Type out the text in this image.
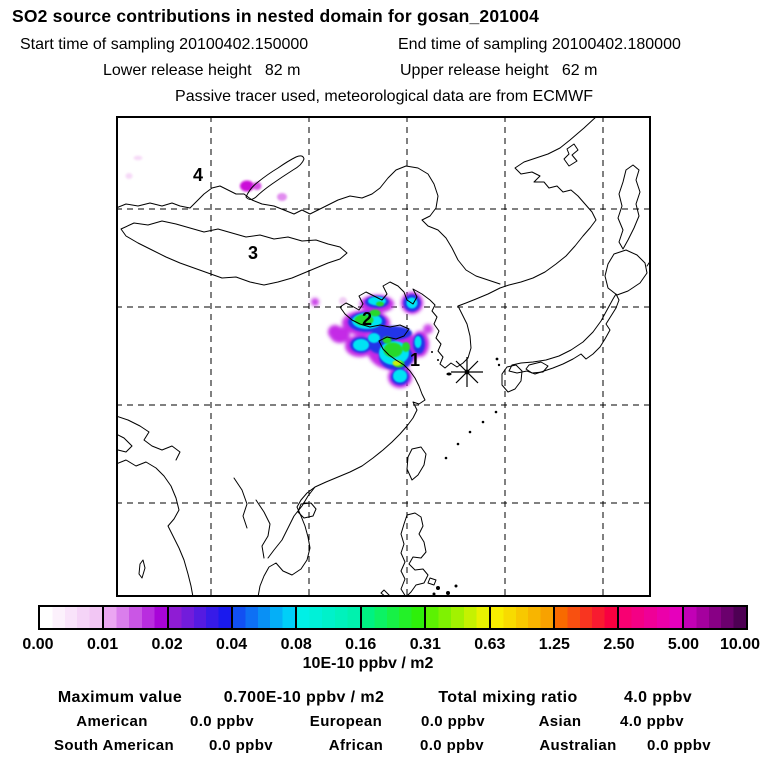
SO2 source contributions in nested domain for gosan_201004
Start time of sampling 20100402.150000	End time of sampling 20100402.180000
Lower release height   82 m	Upper release height   62 m
Passive tracer used, meteorological data are from ECMWF
4
3
2
1
0.00 0.01 0.02 0.04 0.08 0.16 0.31 0.63 1.25 2.50 5.00 10.00
10E-10 ppbv / m2
Maximum value	0.700E-10 ppbv / m2	Total mixing ratio	4.0 ppbv
American	0.0 ppbv	European	0.0 ppbv	Asian	4.0 ppbv
South American 0.0 ppbv	African 0.0 ppbv	Australian 0.0 ppbv
